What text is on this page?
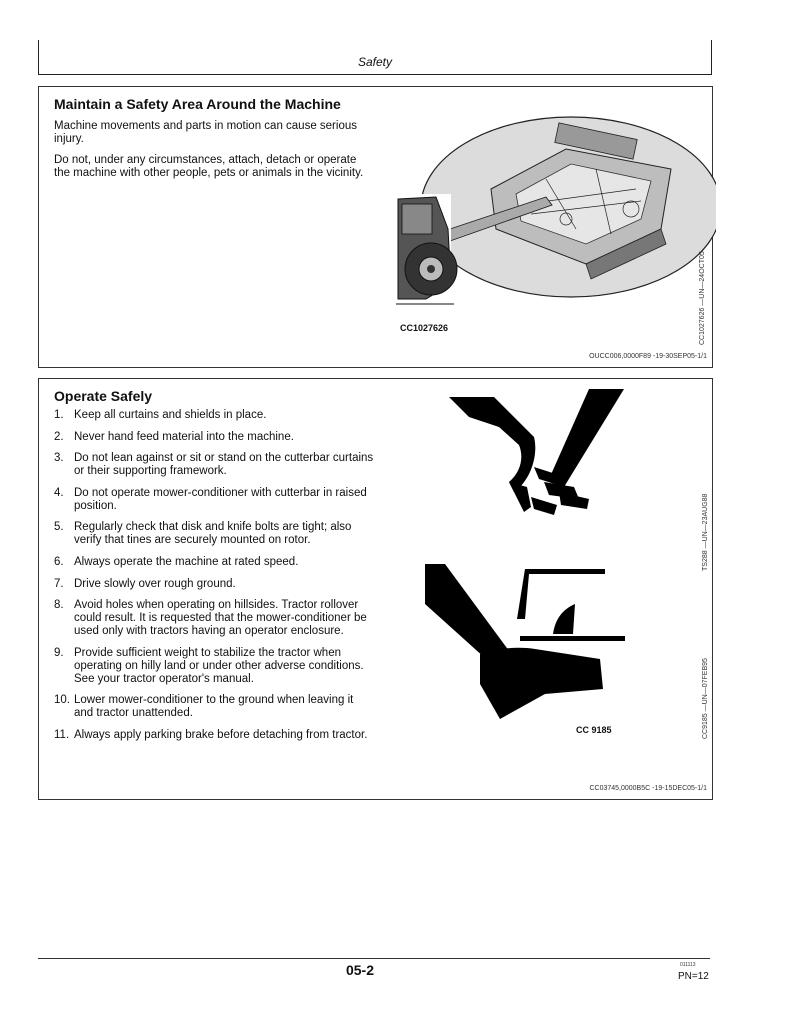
Safety
Maintain a Safety Area Around the Machine
Machine movements and parts in motion can cause serious injury.
Do not, under any circumstances, attach, detach or operate the machine with other people, pets or animals in the vicinity.
CC1027626	CC1027626 —UN—24OCT05
OUCC006,0000F89 -19-30SEP05-1/1
Operate Safely
1. Keep all curtains and shields in place.
2. Never hand feed material into the machine.
3. Do not lean against or sit or stand on the cutterbar curtains or their supporting framework.
4. Do not operate mower-conditioner with cutterbar in raised position.
5. Regularly check that disk and knife bolts are tight; also verify that tines are securely mounted on rotor.
6. Always operate the machine at rated speed.
7. Drive slowly over rough ground.
8. Avoid holes when operating on hillsides. Tractor rollover could result. It is requested that the mower-conditioner be used only with tractors having an operator enclosure.
9. Provide sufficient weight to stabilize the tractor when operating on hilly land or under other adverse conditions. See your tractor operator's manual.
10. Lower mower-conditioner to the ground when leaving it and tractor unattended.
11. Always apply parking brake before detaching from tractor.
TS288 —UN—23AUG88
CC 9185	CC9185 —UN—07FEB95
CC03745,0000B5C -19-15DEC05-1/1
05-2	011113
PN=12
